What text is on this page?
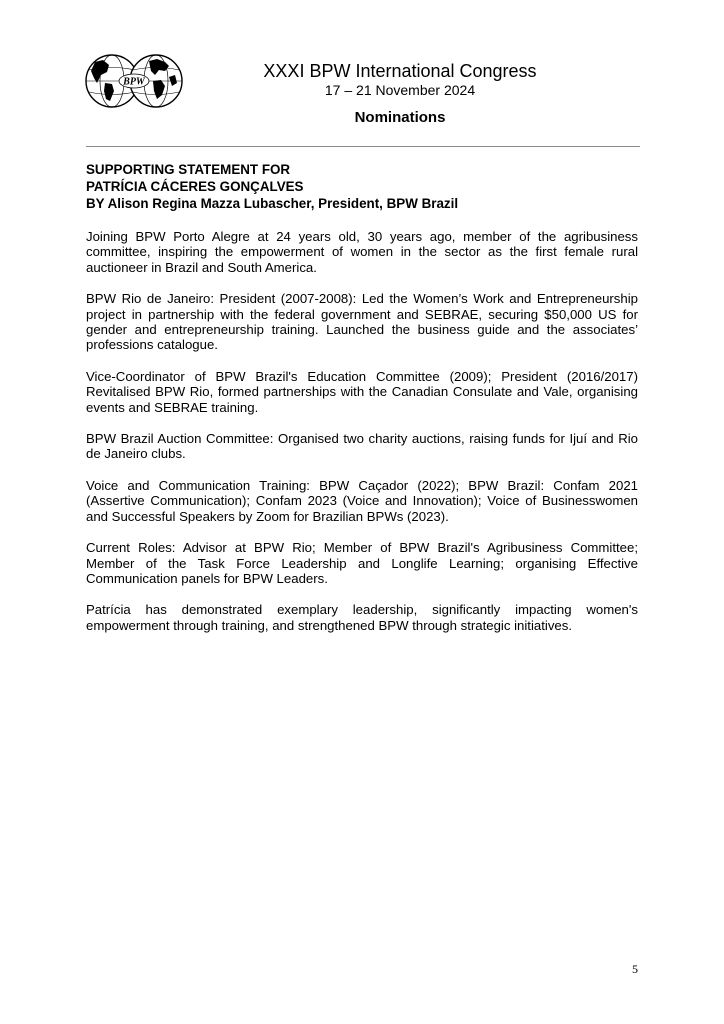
BPW
XXXI BPW International Congress
17 – 21 November 2024
Nominations
SUPPORTING STATEMENT FOR
PATRÍCIA CÁCERES GONÇALVES
BY Alison Regina Mazza Lubascher, President, BPW Brazil

Joining BPW Porto Alegre at 24 years old, 30 years ago, member of the agribusiness committee, inspiring the empowerment of women in the sector as the first female rural auctioneer in Brazil and South America.

BPW Rio de Janeiro: President (2007-2008): Led the Women’s Work and Entrepreneurship project in partnership with the federal government and SEBRAE, securing $50,000 US for gender and entrepreneurship training. Launched the business guide and the associates’ professions catalogue.

Vice-Coordinator of BPW Brazil's Education Committee (2009); President (2016/2017) Revitalised BPW Rio, formed partnerships with the Canadian Consulate and Vale, organising events and SEBRAE training.

BPW Brazil Auction Committee: Organised two charity auctions, raising funds for Ijuí and Rio de Janeiro clubs.

Voice and Communication Training: BPW Caçador (2022); BPW Brazil: Confam 2021 (Assertive Communication); Confam 2023 (Voice and Innovation); Voice of Businesswomen and Successful Speakers by Zoom for Brazilian BPWs (2023).

Current Roles: Advisor at BPW Rio; Member of BPW Brazil's Agribusiness Committee; Member of the Task Force Leadership and Longlife Learning; organising Effective Communication panels for BPW Leaders.

Patrícia has demonstrated exemplary leadership, significantly impacting women's empowerment through training, and strengthened BPW through strategic initiatives.

5
